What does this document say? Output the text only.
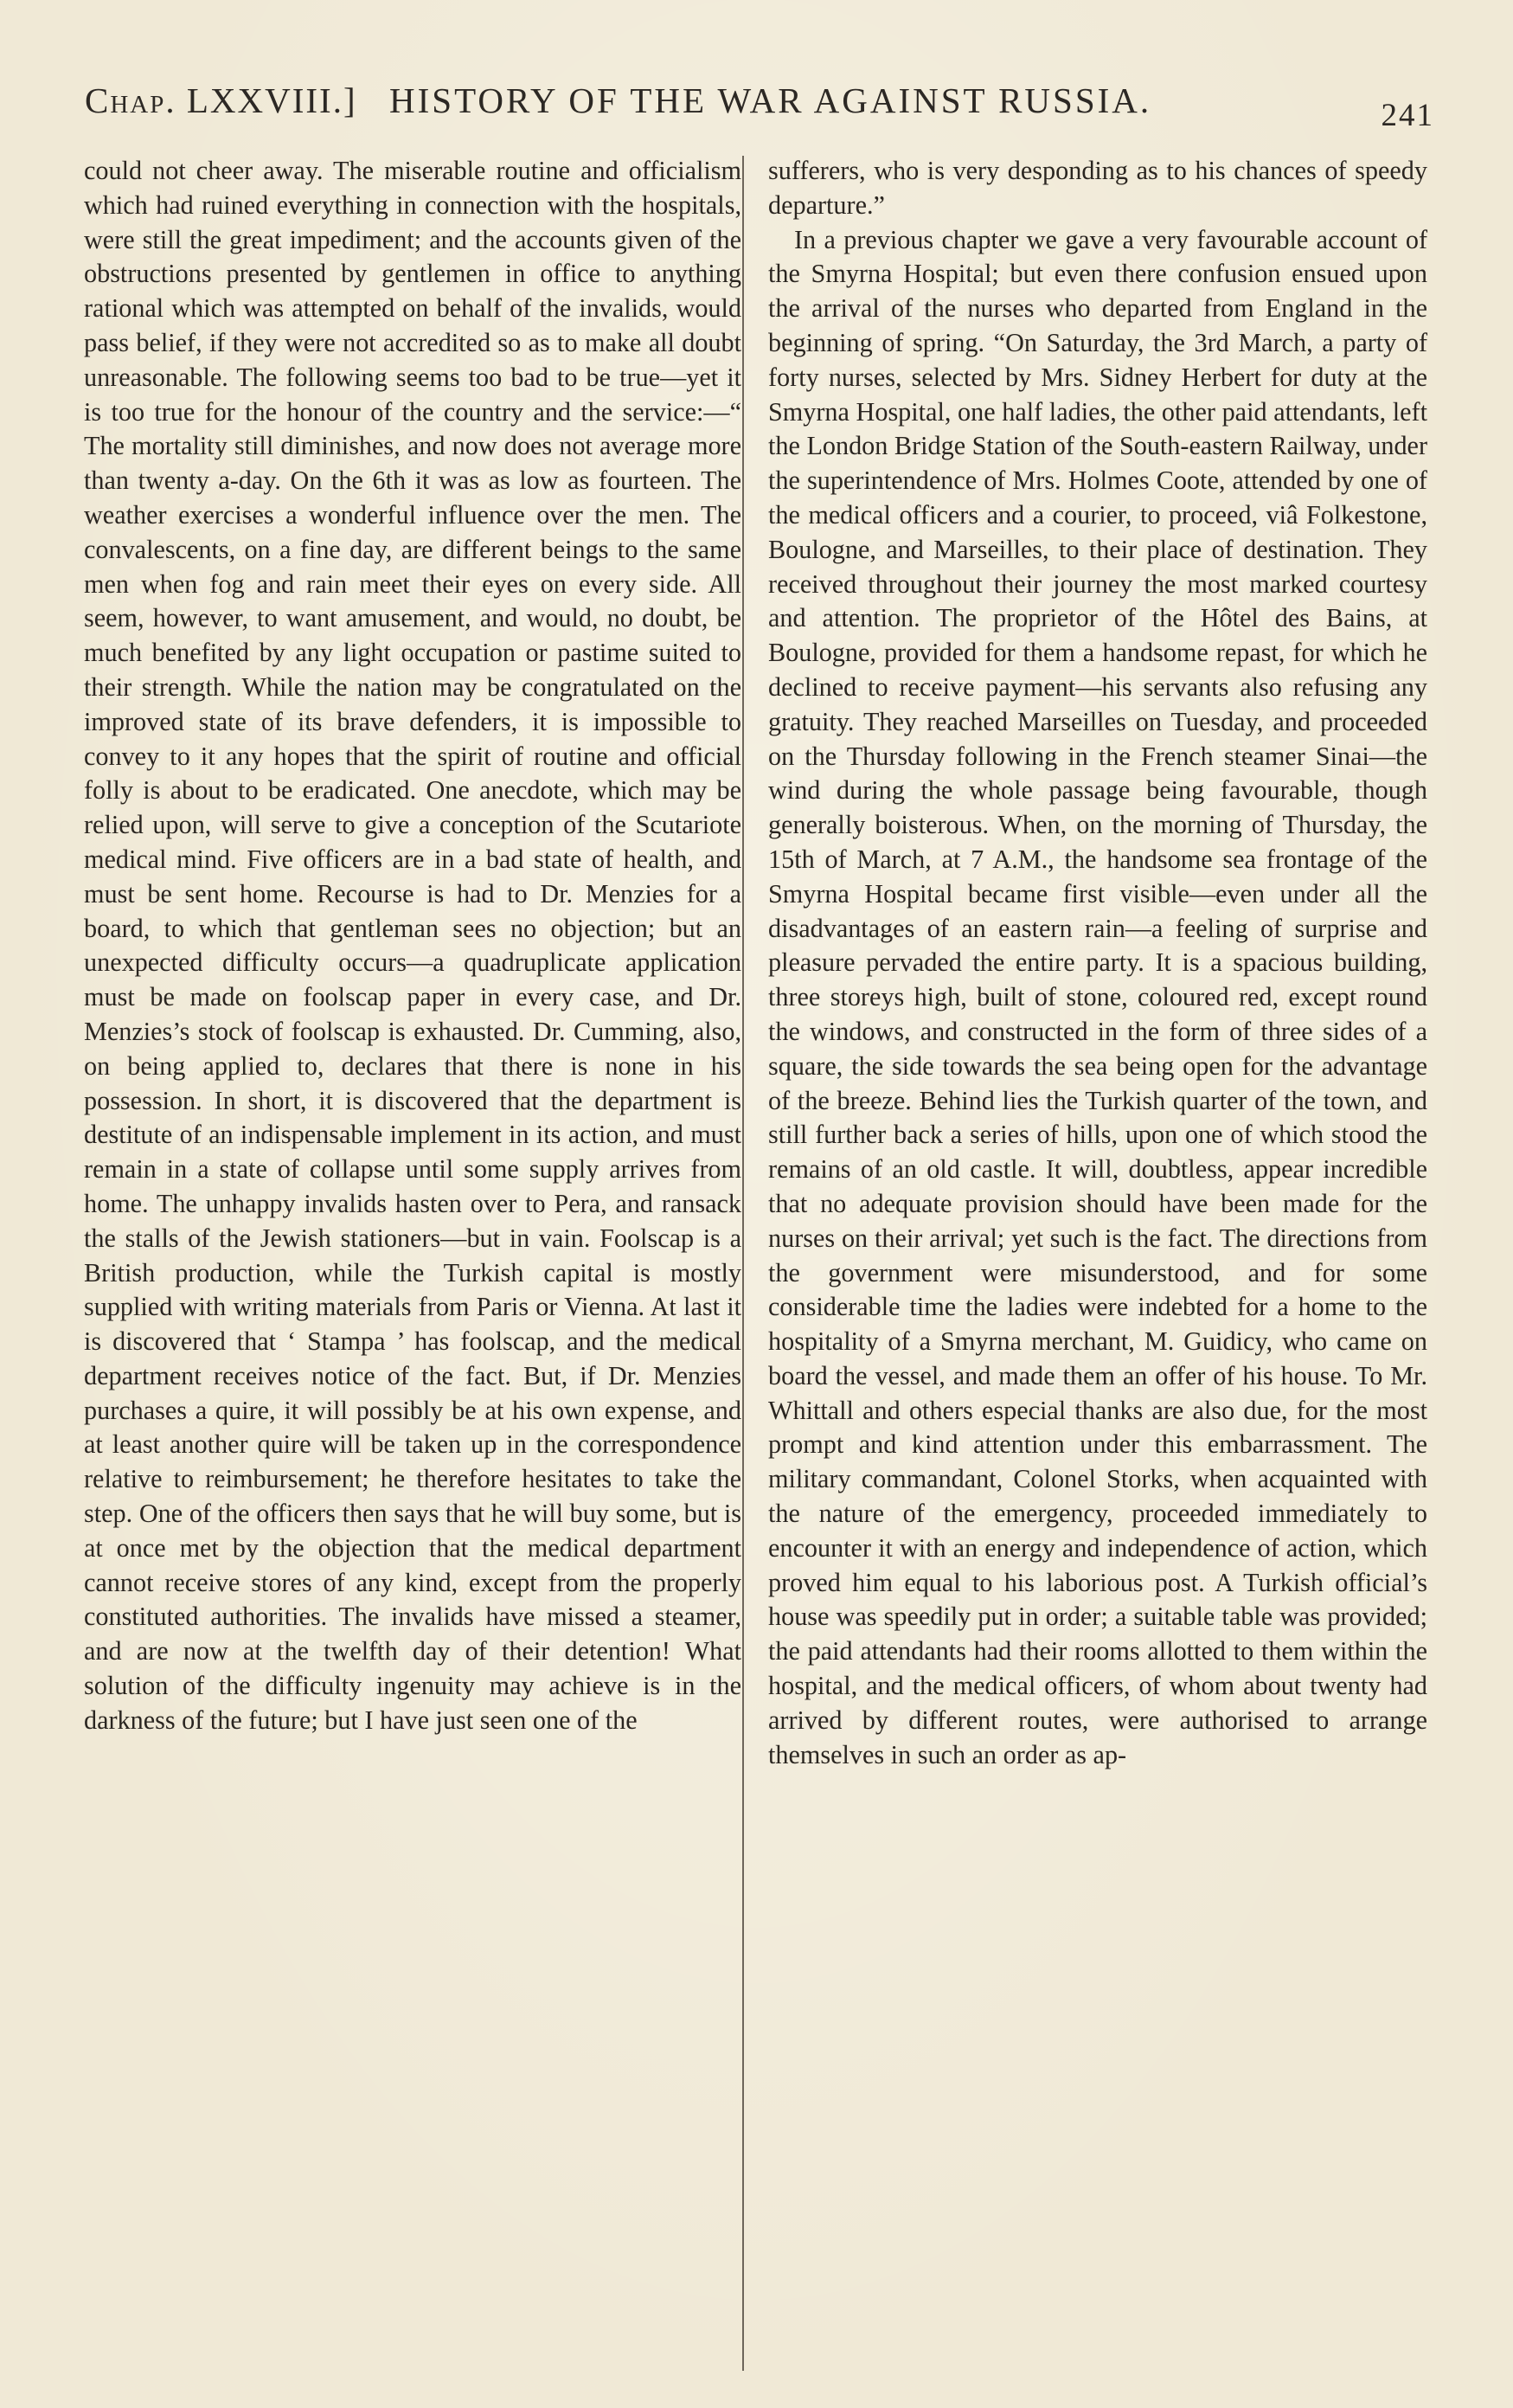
Chap. LXXVIII.] HISTORY OF THE WAR AGAINST RUSSIA.	241

could not cheer away. The miserable routine and officialism which had ruined everything in connection with the hospitals, were still the great impediment; and the accounts given of the obstructions presented by gentlemen in office to anything rational which was attempted on behalf of the invalids, would pass belief, if they were not accredited so as to make all doubt unreasonable. The following seems too bad to be true—yet it is too true for the honour of the country and the service:—“ The mortality still diminishes, and now does not average more than twenty a-day. On the 6th it was as low as fourteen. The weather exercises a wonderful influence over the men. The convalescents, on a fine day, are different beings to the same men when fog and rain meet their eyes on every side. All seem, however, to want amusement, and would, no doubt, be much benefited by any light occupation or pastime suited to their strength. While the nation may be congratulated on the improved state of its brave defenders, it is impossible to convey to it any hopes that the spirit of routine and official folly is about to be eradicated. One anecdote, which may be relied upon, will serve to give a conception of the Scutariote medical mind. Five officers are in a bad state of health, and must be sent home. Recourse is had to Dr. Menzies for a board, to which that gentleman sees no objection; but an unexpected difficulty occurs—a quadruplicate application must be made on foolscap paper in every case, and Dr. Menzies’s stock of foolscap is exhausted. Dr. Cumming, also, on being applied to, declares that there is none in his possession. In short, it is discovered that the department is destitute of an indispensable implement in its action, and must remain in a state of collapse until some supply arrives from home. The unhappy invalids hasten over to Pera, and ransack the stalls of the Jewish stationers—but in vain. Foolscap is a British production, while the Turkish capital is mostly supplied with writing materials from Paris or Vienna. At last it is discovered that ‘ Stampa ’ has foolscap, and the medical department receives notice of the fact. But, if Dr. Menzies purchases a quire, it will possibly be at his own expense, and at least another quire will be taken up in the correspondence relative to reimbursement; he therefore hesitates to take the step. One of the officers then says that he will buy some, but is at once met by the objection that the medical department cannot receive stores of any kind, except from the properly constituted authorities. The invalids have missed a steamer, and are now at the twelfth day of their detention! What solution of the difficulty ingenuity may achieve is in the darkness of the future; but I have just seen one of the

sufferers, who is very desponding as to his chances of speedy departure.”

In a previous chapter we gave a very favourable account of the Smyrna Hospital; but even there confusion ensued upon the arrival of the nurses who departed from England in the beginning of spring. “On Saturday, the 3rd March, a party of forty nurses, selected by Mrs. Sidney Herbert for duty at the Smyrna Hospital, one half ladies, the other paid attendants, left the London Bridge Station of the South-eastern Railway, under the superintendence of Mrs. Holmes Coote, attended by one of the medical officers and a courier, to proceed, viâ Folkestone, Boulogne, and Marseilles, to their place of destination. They received throughout their journey the most marked courtesy and attention. The proprietor of the Hôtel des Bains, at Boulogne, provided for them a handsome repast, for which he declined to receive payment—his servants also refusing any gratuity. They reached Marseilles on Tuesday, and proceeded on the Thursday following in the French steamer Sinai—the wind during the whole passage being favourable, though generally boisterous. When, on the morning of Thursday, the 15th of March, at 7 A.M., the handsome sea frontage of the Smyrna Hospital became first visible—even under all the disadvantages of an eastern rain—a feeling of surprise and pleasure pervaded the entire party. It is a spacious building, three storeys high, built of stone, coloured red, except round the windows, and constructed in the form of three sides of a square, the side towards the sea being open for the advantage of the breeze. Behind lies the Turkish quarter of the town, and still further back a series of hills, upon one of which stood the remains of an old castle. It will, doubtless, appear incredible that no adequate provision should have been made for the nurses on their arrival; yet such is the fact. The directions from the government were misunderstood, and for some considerable time the ladies were indebted for a home to the hospitality of a Smyrna merchant, M. Guidicy, who came on board the vessel, and made them an offer of his house. To Mr. Whittall and others especial thanks are also due, for the most prompt and kind attention under this embarrassment. The military commandant, Colonel Storks, when acquainted with the nature of the emergency, proceeded immediately to encounter it with an energy and independence of action, which proved him equal to his laborious post. A Turkish official’s house was speedily put in order; a suitable table was provided; the paid attendants had their rooms allotted to them within the hospital, and the medical officers, of whom about twenty had arrived by different routes, were authorised to arrange themselves in such an order as ap-
